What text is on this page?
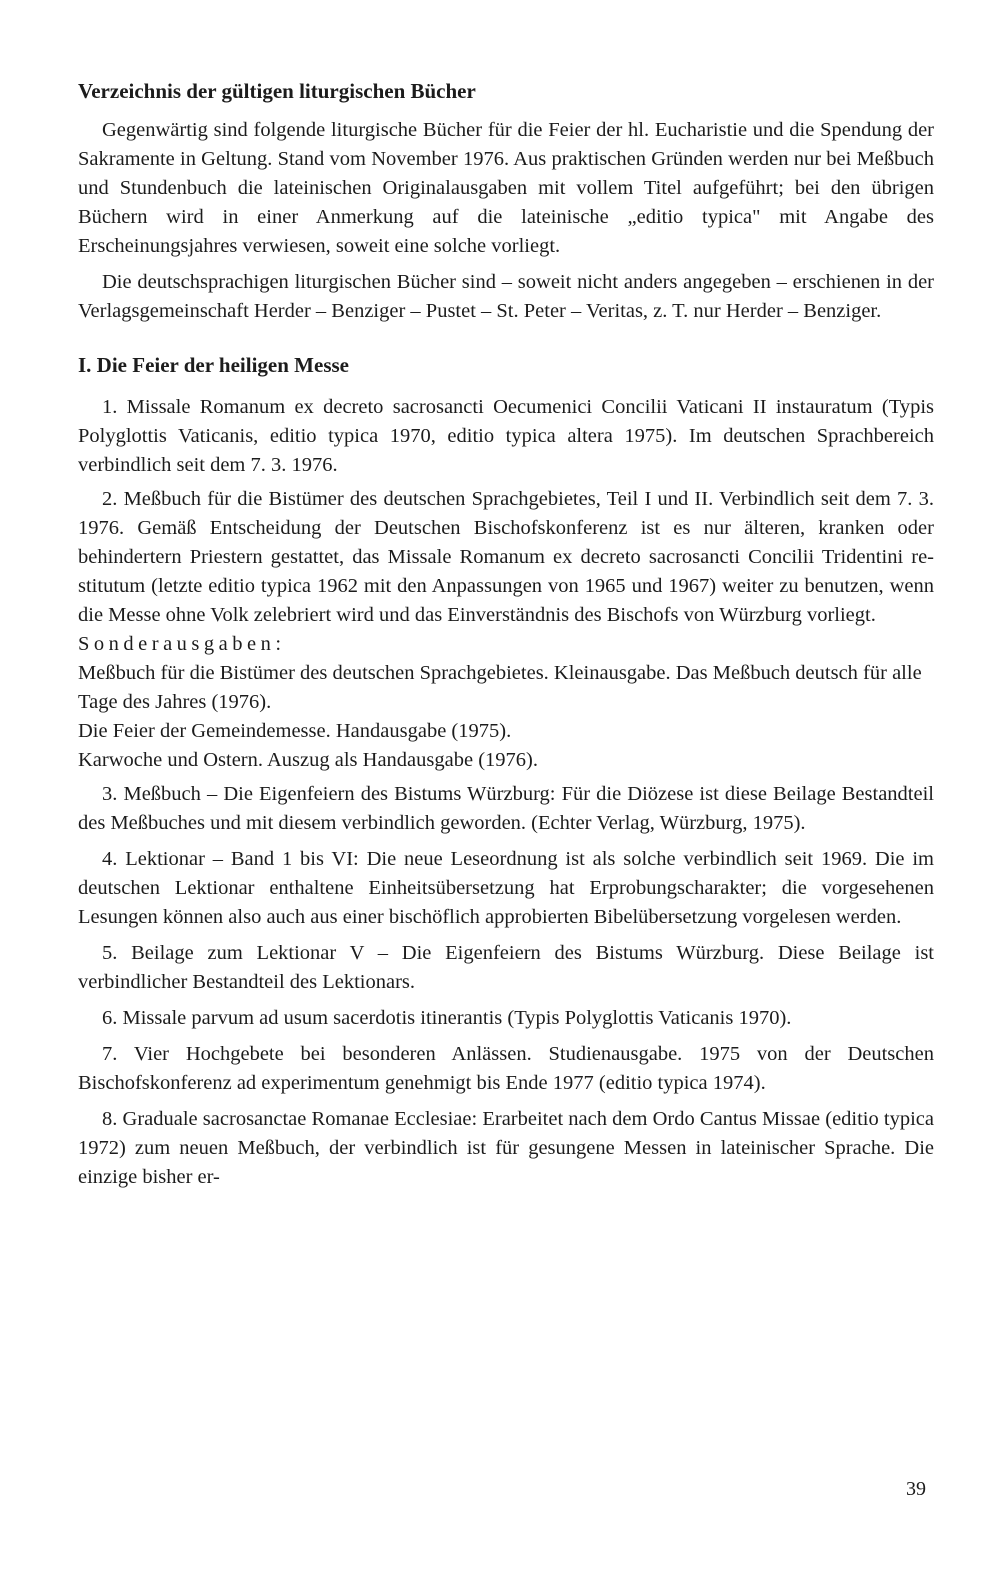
Verzeichnis der gültigen liturgischen Bücher

Gegenwärtig sind folgende liturgische Bücher für die Feier der hl. Eucharistie und die Spendung der Sakramente in Geltung. Stand vom November 1976. Aus praktischen Gründen werden nur bei Meßbuch und Stundenbuch die lateinischen Originalausgaben mit vollem Titel aufgeführt; bei den übrigen Büchern wird in einer Anmerkung auf die lateinische „editio typica" mit Angabe des Erscheinungsjahres verwiesen, soweit eine solche vorliegt.

Die deutschsprachigen liturgischen Bücher sind – soweit nicht anders angegeben – erschienen in der Verlagsgemeinschaft Herder – Benziger – Pustet – St. Peter – Veritas, z. T. nur Herder – Benziger.

I. Die Feier der heiligen Messe

1. Missale Romanum ex decreto sacrosancti Oecumenici Concilii Vaticani II instauratum (Typis Polyglottis Vaticanis, editio typica 1970, editio typica altera 1975). Im deutschen Sprachbereich verbindlich seit dem 7. 3. 1976.

2. Meßbuch für die Bistümer des deutschen Sprachgebietes, Teil I und II. Verbindlich seit dem 7. 3. 1976. Gemäß Entscheidung der Deutschen Bischofskonferenz ist es nur älteren, kranken oder behindertern Priestern gestattet, das Missale Romanum ex decreto sacrosancti Concilii Tridentini restitutum (letzte editio typica 1962 mit den Anpassungen von 1965 und 1967) weiter zu benutzen, wenn die Messe ohne Volk zelebriert wird und das Einverständnis des Bischofs von Würzburg vorliegt.

Sonderausgaben:

Meßbuch für die Bistümer des deutschen Sprachgebietes. Kleinausgabe. Das Meßbuch deutsch für alle Tage des Jahres (1976).

Die Feier der Gemeindemesse. Handausgabe (1975).

Karwoche und Ostern. Auszug als Handausgabe (1976).

3. Meßbuch – Die Eigenfeiern des Bistums Würzburg: Für die Diözese ist diese Beilage Bestandteil des Meßbuches und mit diesem verbindlich geworden. (Echter Verlag, Würzburg, 1975).

4. Lektionar – Band 1 bis VI: Die neue Leseordnung ist als solche verbindlich seit 1969. Die im deutschen Lektionar enthaltene Einheitsübersetzung hat Erprobungscharakter; die vorgesehenen Lesungen können also auch aus einer bischöflich approbierten Bibelübersetzung vorgelesen werden.

5. Beilage zum Lektionar V – Die Eigenfeiern des Bistums Würzburg. Diese Beilage ist verbindlicher Bestandteil des Lektionars.

6. Missale parvum ad usum sacerdotis itinerantis (Typis Polyglottis Vaticanis 1970).

7. Vier Hochgebete bei besonderen Anlässen. Studienausgabe. 1975 von der Deutschen Bischofskonferenz ad experimentum genehmigt bis Ende 1977 (editio typica 1974).

8. Graduale sacrosanctae Romanae Ecclesiae: Erarbeitet nach dem Ordo Cantus Missae (editio typica 1972) zum neuen Meßbuch, der verbindlich ist für gesungene Messen in lateinischer Sprache. Die einzige bisher er-

39
